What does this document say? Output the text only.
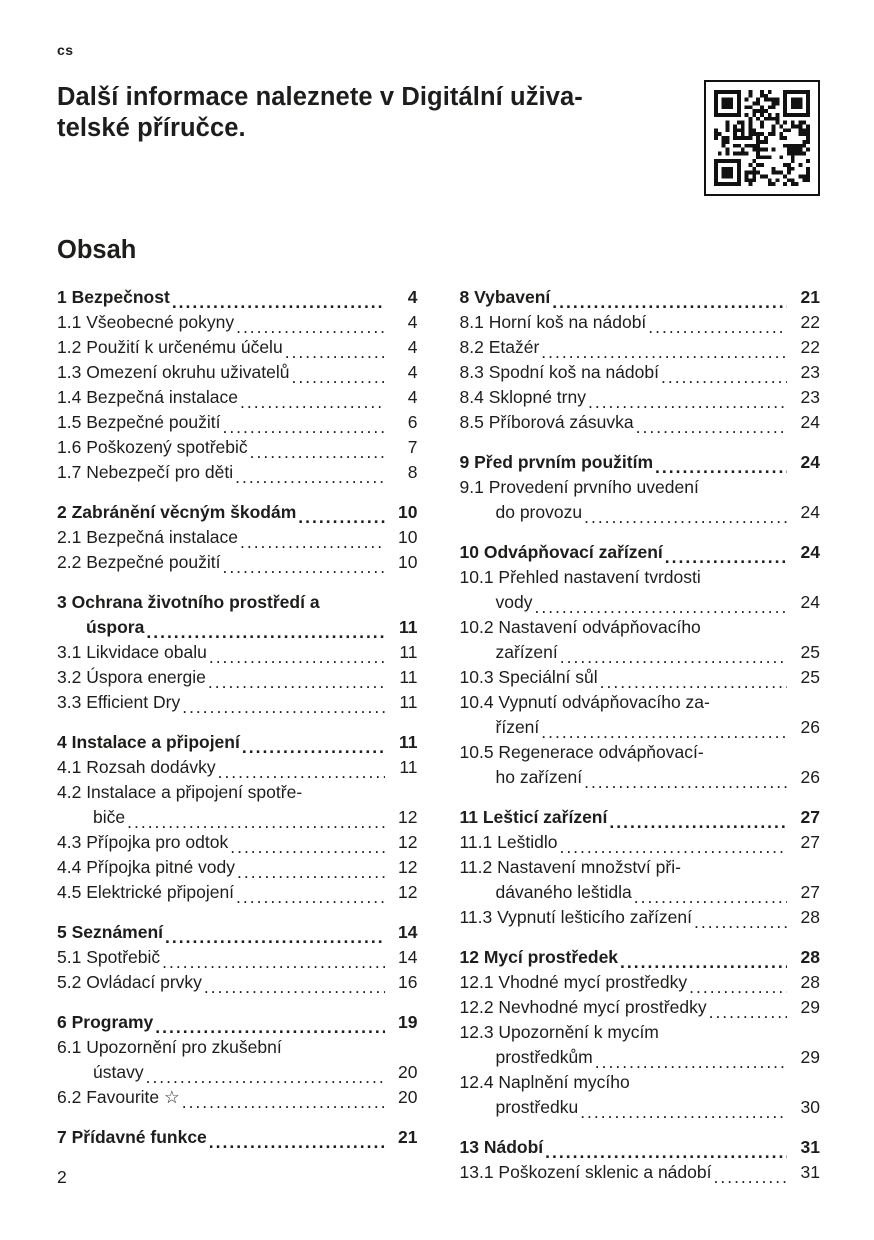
cs
Další informace naleznete v Digitální uživa-
telské příručce.
Obsah
1 Bezpečnost .....	4
1.1 Všeobecné pokyny .....	4
1.2 Použití k určenému účelu .....	4
1.3 Omezení okruhu uživatelů .....	4
1.4 Bezpečná instalace .....	4
1.5 Bezpečné použití .....	6
1.6 Poškozený spotřebič .....	7
1.7 Nebezpečí pro děti .....	8
2 Zabránění věcným škodám .....	10
2.1 Bezpečná instalace .....	10
2.2 Bezpečné použití .....	10
3 Ochrana životního prostředí a
úspora .....	11
3.1 Likvidace obalu .....	11
3.2 Úspora energie .....	11
3.3 Efficient Dry .....	11
4 Instalace a připojení .....	11
4.1 Rozsah dodávky .....	11
4.2 Instalace a připojení spotře-
biče .....	12
4.3 Přípojka pro odtok .....	12
4.4 Přípojka pitné vody .....	12
4.5 Elektrické připojení .....	12
5 Seznámení .....	14
5.1 Spotřebič .....	14
5.2 Ovládací prvky .....	16
6 Programy .....	19
6.1 Upozornění pro zkušební
ústavy .....	20
6.2 Favourite ☆ .....	20
7 Přídavné funkce .....	21
8 Vybavení .....	21
8.1 Horní koš na nádobí .....	22
8.2 Etažér .....	22
8.3 Spodní koš na nádobí .....	23
8.4 Sklopné trny .....	23
8.5 Příborová zásuvka .....	24
9 Před prvním použitím .....	24
9.1 Provedení prvního uvedení
do provozu .....	24
10 Odvápňovací zařízení .....	24
10.1 Přehled nastavení tvrdosti
vody .....	24
10.2 Nastavení odvápňovacího
zařízení .....	25
10.3 Speciální sůl .....	25
10.4 Vypnutí odvápňovacího za-
řízení .....	26
10.5 Regenerace odvápňovací-
ho zařízení .....	26
11 Lešticí zařízení .....	27
11.1 Leštidlo .....	27
11.2 Nastavení množství při-
dávaného leštidla .....	27
11.3 Vypnutí lešticího zařízení .....	28
12 Mycí prostředek .....	28
12.1 Vhodné mycí prostředky .....	28
12.2 Nevhodné mycí prostředky .....	29
12.3 Upozornění k mycím
prostředkům .....	29
12.4 Naplnění mycího
prostředku .....	30
13 Nádobí .....	31
13.1 Poškození sklenic a nádobí .....	31
2
